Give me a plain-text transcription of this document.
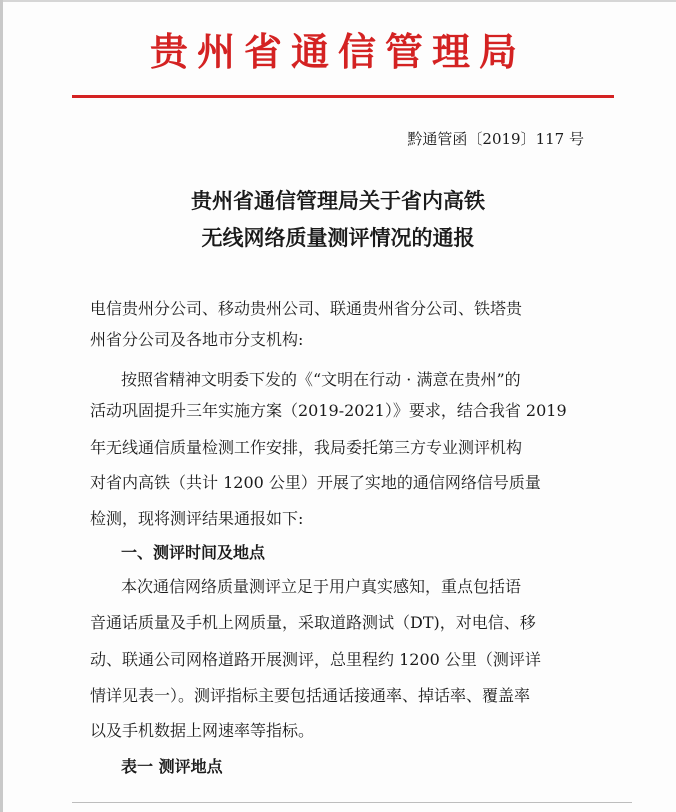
贵州省通信管理局
黔通管函〔2019〕117 号
贵州省通信管理局关于省内高铁
无线网络质量测评情况的通报
电信贵州分公司、移动贵州公司、联通贵州省分公司、铁塔贵
州省分公司及各地市分支机构:
按照省精神文明委下发的《“文明在行动 · 满意在贵州”的
活动巩固提升三年实施方案（2019-2021）》要求，结合我省 2019
年无线通信质量检测工作安排，我局委托第三方专业测评机构
对省内高铁（共计 1200 公里）开展了实地的通信网络信号质量
检测，现将测评结果通报如下:
一、测评时间及地点
本次通信网络质量测评立足于用户真实感知，重点包括语
音通话质量及手机上网质量，采取道路测试（DT)，对电信、移
动、联通公司网格道路开展测评，总里程约 1200 公里（测评详
情详见表一）。测评指标主要包括通话接通率、掉话率、覆盖率
以及手机数据上网速率等指标。
表一 测评地点
